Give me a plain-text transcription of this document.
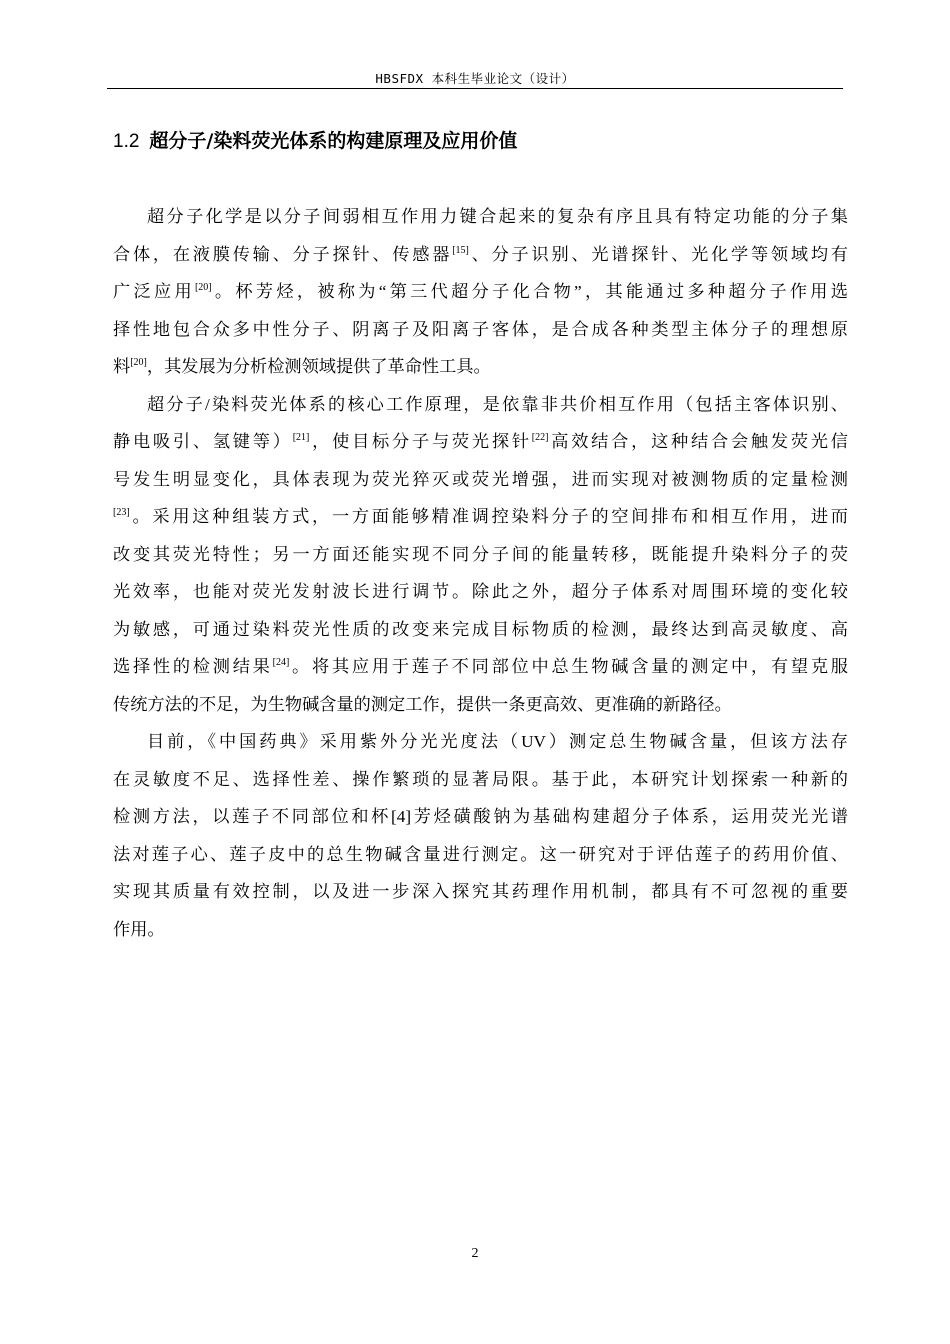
HBSFDX 本科生毕业论文（设计）
1.2 超分子/染料荧光体系的构建原理及应用价值
超分子化学是以分子间弱相互作用力键合起来的复杂有序且具有特定功能的分子集
合体，在液膜传输、分子探针、传感器[15]、分子识别、光谱探针、光化学等领域均有
广泛应用[20]。杯芳烃，被称为“第三代超分子化合物”，其能通过多种超分子作用选
择性地包合众多中性分子、阴离子及阳离子客体，是合成各种类型主体分子的理想原
料[20]，其发展为分析检测领域提供了革命性工具。
超分子/染料荧光体系的核心工作原理，是依靠非共价相互作用（包括主客体识别、
静电吸引、氢键等）[21]，使目标分子与荧光探针[22]高效结合，这种结合会触发荧光信
号发生明显变化，具体表现为荧光猝灭或荧光增强，进而实现对被测物质的定量检测
[23]。采用这种组装方式，一方面能够精准调控染料分子的空间排布和相互作用，进而
改变其荧光特性；另一方面还能实现不同分子间的能量转移，既能提升染料分子的荧
光效率，也能对荧光发射波长进行调节。除此之外，超分子体系对周围环境的变化较
为敏感，可通过染料荧光性质的改变来完成目标物质的检测，最终达到高灵敏度、高
选择性的检测结果[24]。将其应用于莲子不同部位中总生物碱含量的测定中，有望克服
传统方法的不足，为生物碱含量的测定工作，提供一条更高效、更准确的新路径。
目前，《中国药典》采用紫外分光光度法（UV）测定总生物碱含量，但该方法存
在灵敏度不足、选择性差、操作繁琐的显著局限。基于此，本研究计划探索一种新的
检测方法，以莲子不同部位和杯[4]芳烃磺酸钠为基础构建超分子体系，运用荧光光谱
法对莲子心、莲子皮中的总生物碱含量进行测定。这一研究对于评估莲子的药用价值、
实现其质量有效控制，以及进一步深入探究其药理作用机制，都具有不可忽视的重要
作用。
2
